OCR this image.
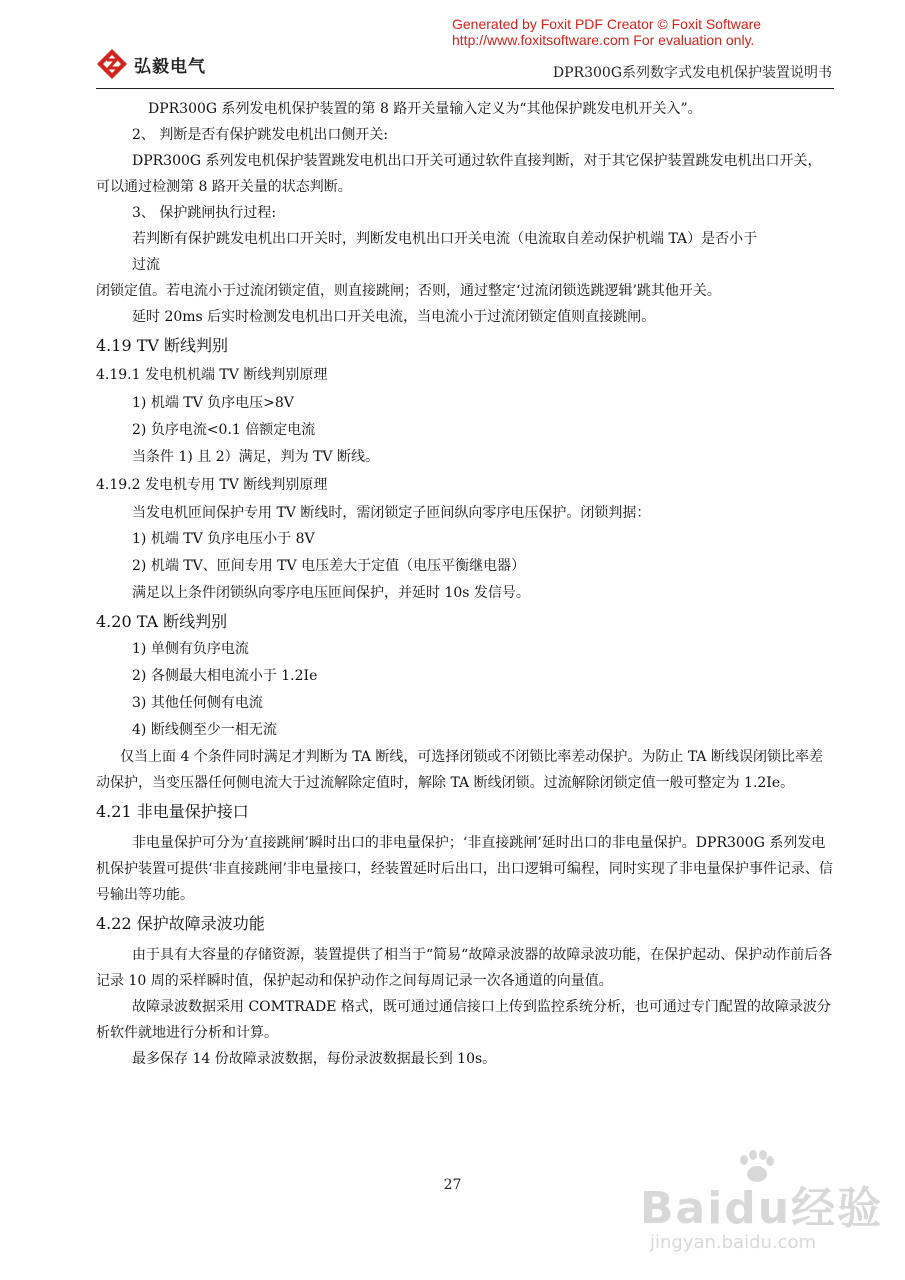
Generated by Foxit PDF Creator © Foxit Software
http://www.foxitsoftware.com For evaluation only.
弘毅电气	DPR300G系列数字式发电机保护装置说明书

DPR300G 系列发电机保护装置的第 8 路开关量输入定义为“其他保护跳发电机开关入”。

2、 判断是否有保护跳发电机出口侧开关:

DPR300G 系列发电机保护装置跳发电机出口开关可通过软件直接判断，对于其它保护装置跳发电机出口开关，可以通过检测第 8 路开关量的状态判断。

3、 保护跳闸执行过程:

若判断有保护跳发电机出口开关时，判断发电机出口开关电流（电流取自差动保护机端 TA）是否小于

过流

闭锁定值。若电流小于过流闭锁定值，则直接跳闸；否则，通过整定‘过流闭锁选跳逻辑’跳其他开关。

延时 20ms 后实时检测发电机出口开关电流，当电流小于过流闭锁定值则直接跳闸。

4.19 TV 断线判别

4.19.1 发电机机端 TV 断线判别原理

1) 机端 TV 负序电压>8V
2) 负序电流<0.1 倍额定电流

当条件 1) 且 2）满足，判为 TV 断线。

4.19.2 发电机专用 TV 断线判别原理

当发电机匝间保护专用 TV 断线时，需闭锁定子匝间纵向零序电压保护。闭锁判据：

1) 机端 TV 负序电压小于 8V
2) 机端 TV、匝间专用 TV 电压差大于定值（电压平衡继电器）

满足以上条件闭锁纵向零序电压匝间保护，并延时 10s 发信号。

4.20 TA 断线判别

1) 单侧有负序电流
2) 各侧最大相电流小于 1.2Ie
3) 其他任何侧有电流
4) 断线侧至少一相无流

仅当上面 4 个条件同时满足才判断为 TA 断线，可选择闭锁或不闭锁比率差动保护。为防止 TA 断线误闭锁比率差动保护，当变压器任何侧电流大于过流解除定值时，解除 TA 断线闭锁。过流解除闭锁定值一般可整定为 1.2Ie。

4.21 非电量保护接口

非电量保护可分为‘直接跳闸’瞬时出口的非电量保护；‘非直接跳闸’延时出口的非电量保护。DPR300G 系列发电机保护装置可提供‘非直接跳闸’非电量接口，经装置延时后出口，出口逻辑可编程，同时实现了非电量保护事件记录、信号输出等功能。

4.22 保护故障录波功能

由于具有大容量的存储资源，装置提供了相当于“简易“故障录波器的故障录波功能，在保护起动、保护动作前后各记录 10 周的采样瞬时值，保护起动和保护动作之间每周记录一次各通道的向量值。

故障录波数据采用 COMTRADE 格式，既可通过通信接口上传到监控系统分析，也可通过专门配置的故障录波分析软件就地进行分析和计算。

最多保存 14 份故障录波数据，每份录波数据最长到 10s。

27	Baidu经验
jingyan.baidu.com
